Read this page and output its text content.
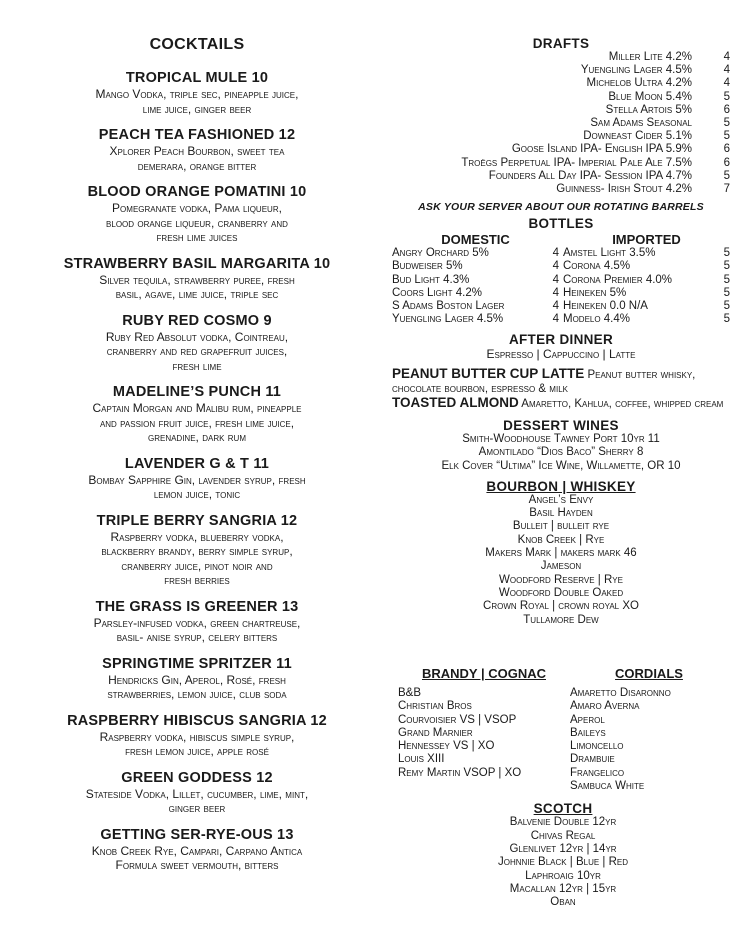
COCKTAILS
TROPICAL MULE 10
Mango Vodka, triple sec, pineapple juice,
lime juice, ginger beer
PEACH TEA FASHIONED 12
Xplorer Peach Bourbon, sweet tea
demerara, orange bitter
BLOOD ORANGE POMATINI 10
Pomegranate vodka, Pama liqueur,
blood orange liqueur, cranberry and
fresh lime juices
STRAWBERRY BASIL MARGARITA 10
Silver tequila, strawberry puree, fresh
basil, agave, lime juice, triple sec
RUBY RED COSMO 9
Ruby Red Absolut vodka, Cointreau,
cranberry and red grapefruit juices,
fresh lime
MADELINE’S PUNCH 11
Captain Morgan and Malibu rum, pineapple
and passion fruit juice, fresh lime juice,
grenadine, dark rum
LAVENDER G & T 11
Bombay Sapphire Gin, lavender syrup, fresh
lemon juice, tonic
TRIPLE BERRY SANGRIA 12
Raspberry vodka, blueberry vodka,
blackberry brandy, berry simple syrup,
cranberry juice, pinot noir and
fresh berries
THE GRASS IS GREENER 13
Parsley-infused vodka, green chartreuse,
basil- anise syrup, celery bitters
SPRINGTIME SPRITZER 11
Hendricks Gin, Aperol, Rosé, fresh
strawberries, lemon juice, club soda
RASPBERRY HIBISCUS SANGRIA 12
Raspberry vodka, hibiscus simple syrup,
fresh lemon juice, apple rosé
GREEN GODDESS 12
Stateside Vodka, Lillet, cucumber, lime, mint,
ginger beer
GETTING SER-RYE-OUS 13
Knob Creek Rye, Campari, Carpano Antica
Formula sweet vermouth, bitters
DRAFTS
Miller Lite 4.2%	4
Yuengling Lager 4.5%	4
Michelob Ultra 4.2%	4
Blue Moon 5.4%	5
Stella Artois 5%	6
Sam Adams Seasonal	5
Downeast Cider 5.1%	5
Goose Island IPA- English IPA 5.9%	6
Troëgs Perpetual IPA- Imperial Pale Ale 7.5%	6
Founders All Day IPA- Session IPA 4.7%	5
Guinness- Irish Stout 4.2%	7
ASK YOUR SERVER ABOUT OUR ROTATING BARRELS
BOTTLES
DOMESTIC
Angry Orchard 5%	4
Budweiser 5%	4
Bud Light 4.3%	4
Coors Light 4.2%	4
S Adams Boston Lager	4
Yuengling Lager 4.5%	4
IMPORTED
Amstel Light 3.5%	5
Corona 4.5%	5
Corona Premier 4.0%	5
Heineken 5%	5
Heineken 0.0 N/A	5
Modelo 4.4%	5
AFTER DINNER
Espresso | Cappuccino | Latte
PEANUT BUTTER CUP LATTE Peanut butter whisky, chocolate bourbon, espresso & milk
TOASTED ALMOND Amaretto, Kahlua, coffee, whipped cream
DESSERT WINES
Smith-Woodhouse Tawney Port 10yr 11
Amontilado “Dios Baco” Sherry 8
Elk Cover “Ultima” Ice Wine, Willamette, OR 10
BOURBON | WHISKEY
Angel’s Envy
Basil Hayden
Bulleit | bulleit rye
Knob Creek | Rye
Makers Mark | makers mark 46
Jameson
Woodford Reserve | Rye
Woodford Double Oaked
Crown Royal | crown royal XO
Tullamore Dew
BRANDY | COGNAC
B&B
Christian Bros
Courvoisier VS | VSOP
Grand Marnier
Hennessey VS | XO
Louis XIII
Remy Martin VSOP | XO
CORDIALS
Amaretto Disaronno
Amaro Averna
Aperol
Baileys
Limoncello
Drambuie
Frangelico
Sambuca White
SCOTCH
Balvenie Double 12yr
Chivas Regal
Glenlivet 12yr | 14yr
Johnnie Black | Blue | Red
Laphroaig 10yr
Macallan 12yr | 15yr
Oban
